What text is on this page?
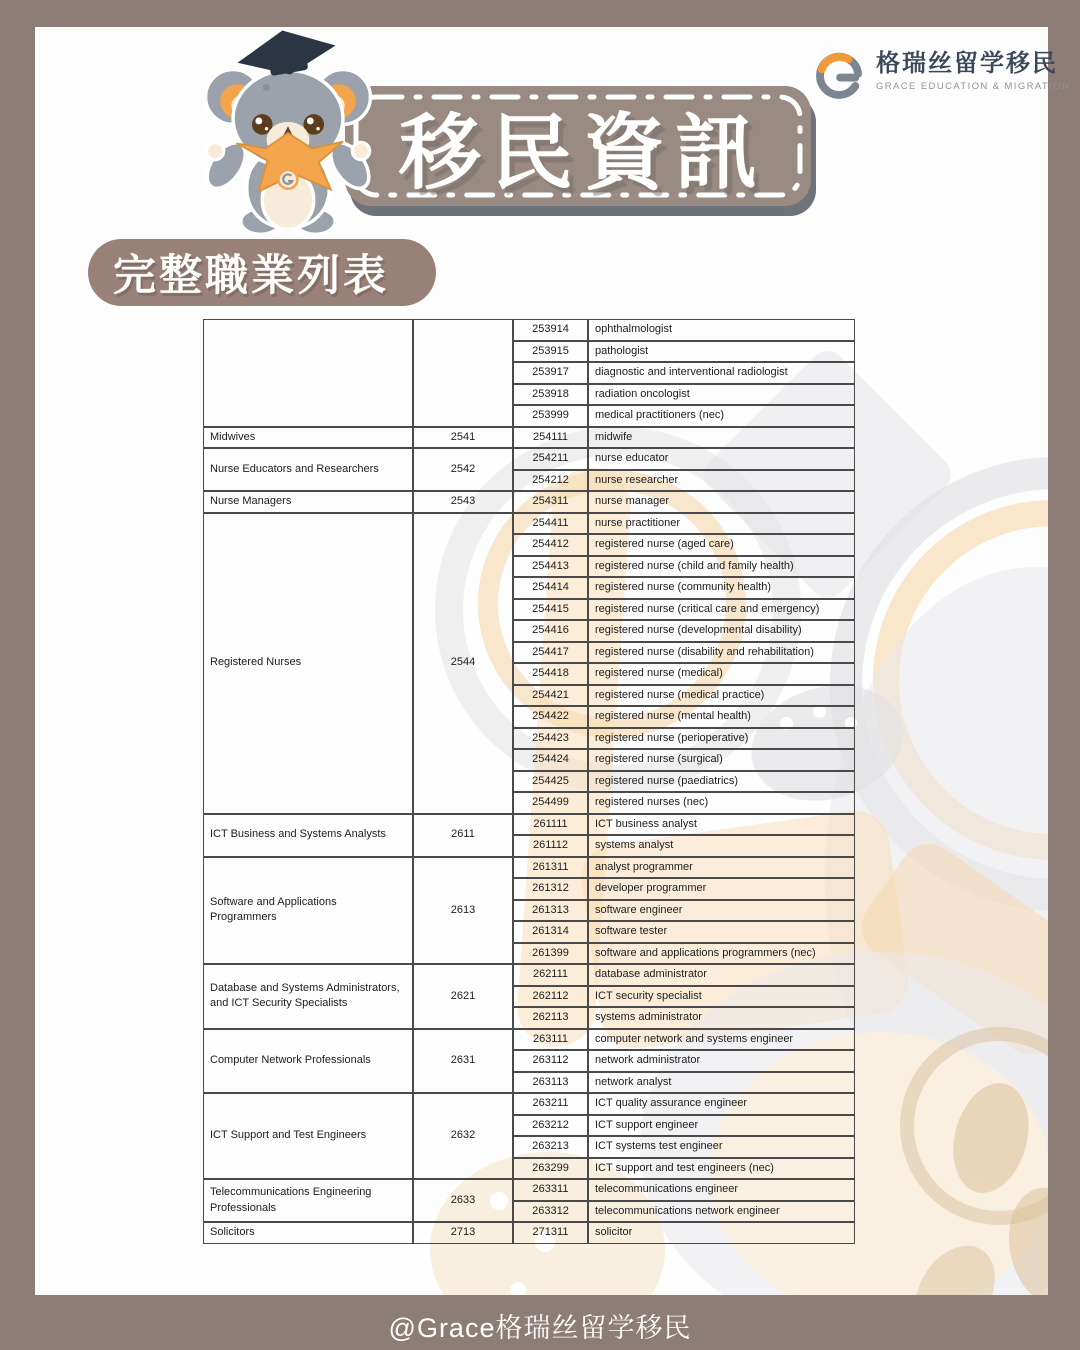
格瑞丝留学移民
GRACE EDUCATION & MIGRATION
移民資訊
完整職業列表
		253914	ophthalmologist
		253915	pathologist
		253917	diagnostic and interventional radiologist
		253918	radiation oncologist
		253999	medical practitioners (nec)
Midwives	2541	254111	midwife
Nurse Educators and Researchers	2542	254211	nurse educator
		254212	nurse researcher
Nurse Managers	2543	254311	nurse manager
Registered Nurses	2544	254411	nurse practitioner
		254412	registered nurse (aged care)
		254413	registered nurse (child and family health)
		254414	registered nurse (community health)
		254415	registered nurse (critical care and emergency)
		254416	registered nurse (developmental disability)
		254417	registered nurse (disability and rehabilitation)
		254418	registered nurse (medical)
		254421	registered nurse (medical practice)
		254422	registered nurse (mental health)
		254423	registered nurse (perioperative)
		254424	registered nurse (surgical)
		254425	registered nurse (paediatrics)
		254499	registered nurses (nec)
ICT Business and Systems Analysts	2611	261111	ICT business analyst
		261112	systems analyst
Software and Applications Programmers	2613	261311	analyst programmer
		261312	developer programmer
		261313	software engineer
		261314	software tester
		261399	software and applications programmers (nec)
Database and Systems Administrators, and ICT Security Specialists	2621	262111	database administrator
		262112	ICT security specialist
		262113	systems administrator
Computer Network Professionals	2631	263111	computer network and systems engineer
		263112	network administrator
		263113	network analyst
ICT Support and Test Engineers	2632	263211	ICT quality assurance engineer
		263212	ICT support engineer
		263213	ICT systems test engineer
		263299	ICT support and test engineers (nec)
Telecommunications Engineering Professionals	2633	263311	telecommunications engineer
		263312	telecommunications network engineer
Solicitors	2713	271311	solicitor
@Grace格瑞丝留学移民
